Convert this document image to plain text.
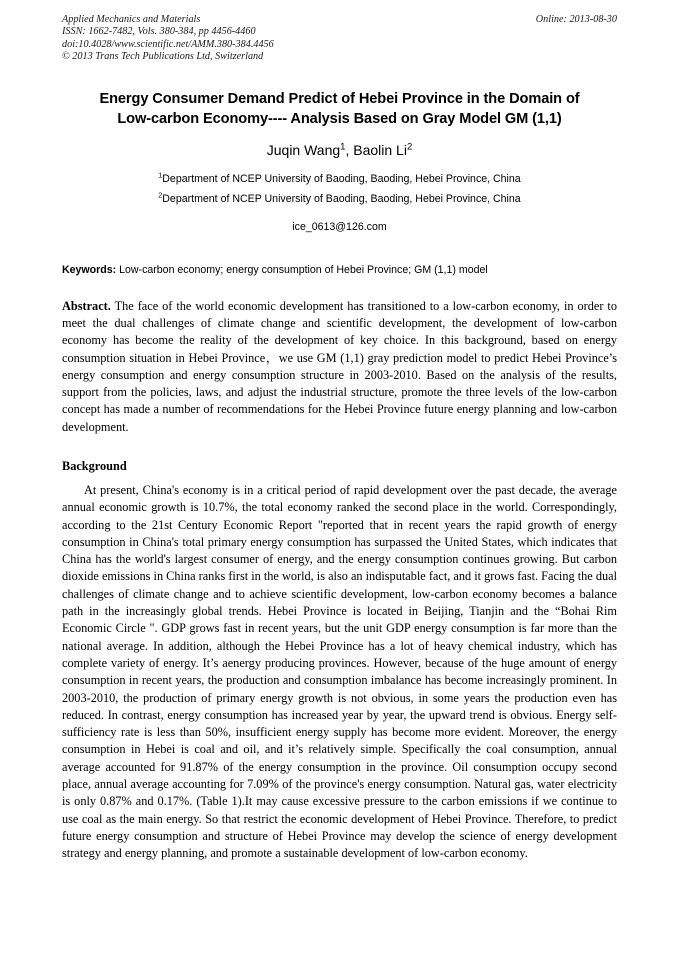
Applied Mechanics and Materials	Online: 2013-08-30
ISSN: 1662-7482, Vols. 380-384, pp 4456-4460
doi:10.4028/www.scientific.net/AMM.380-384.4456
© 2013 Trans Tech Publications Ltd, Switzerland
Energy Consumer Demand Predict of Hebei Province in the Domain of
Low-carbon Economy---- Analysis Based on Gray Model GM (1,1)
Juqin Wang$^1$, Baolin Li$^2$
$^1$Department of NCEP University of Baoding, Baoding, Hebei Province, China
$^2$Department of NCEP University of Baoding, Baoding, Hebei Province, China
ice_0613@126.com
Keywords: Low-carbon economy; energy consumption of Hebei Province; GM (1,1) model
Abstract. The face of the world economic development has transitioned to a low-carbon economy, in order to meet the dual challenges of climate change and scientific development, the development of low-carbon economy has become the reality of the development of key choice. In this background, based on energy consumption situation in Hebei Province，we use GM (1,1) gray prediction model to predict Hebei Province’s energy consumption and energy consumption structure in 2003-2010. Based on the analysis of the results, support from the policies, laws, and adjust the industrial structure, promote the three levels of the low-carbon concept has made a number of recommendations for the Hebei Province future energy planning and low-carbon development.
Background
At present, China's economy is in a critical period of rapid development over the past decade, the average annual economic growth is 10.7%, the total economy ranked the second place in the world. Correspondingly, according to the 21st Century Economic Report "reported that in recent years the rapid growth of energy consumption in China's total primary energy consumption has surpassed the United States, which indicates that China has the world's largest consumer of energy, and the energy consumption continues growing. But carbon dioxide emissions in China ranks first in the world, is also an indisputable fact, and it grows fast. Facing the dual challenges of climate change and to achieve scientific development, low-carbon economy becomes a balance path in the increasingly global trends. Hebei Province is located in Beijing, Tianjin and the “Bohai Rim Economic Circle ". GDP grows fast in recent years, but the unit GDP energy consumption is far more than the national average. In addition, although the Hebei Province has a lot of heavy chemical industry, which has complete variety of energy. It’s aenergy producing provinces. However, because of the huge amount of energy consumption in recent years, the production and consumption imbalance has become increasingly prominent. In 2003-2010, the production of primary energy growth is not obvious, in some years the production even has reduced. In contrast, energy consumption has increased year by year, the upward trend is obvious. Energy self-sufficiency rate is less than 50%, insufficient energy supply has become more evident. Moreover, the energy consumption in Hebei is coal and oil, and it’s relatively simple. Specifically the coal consumption, annual average accounted for 91.87% of the energy consumption in the province. Oil consumption occupy second place, annual average accounting for 7.09% of the province's energy consumption. Natural gas, water electricity is only 0.87% and 0.17%. (Table 1).It may cause excessive pressure to the carbon emissions if we continue to use coal as the main energy. So that restrict the economic development of Hebei Province. Therefore, to predict future energy consumption and structure of Hebei Province may develop the science of energy development strategy and energy planning, and promote a sustainable development of low-carbon economy.
